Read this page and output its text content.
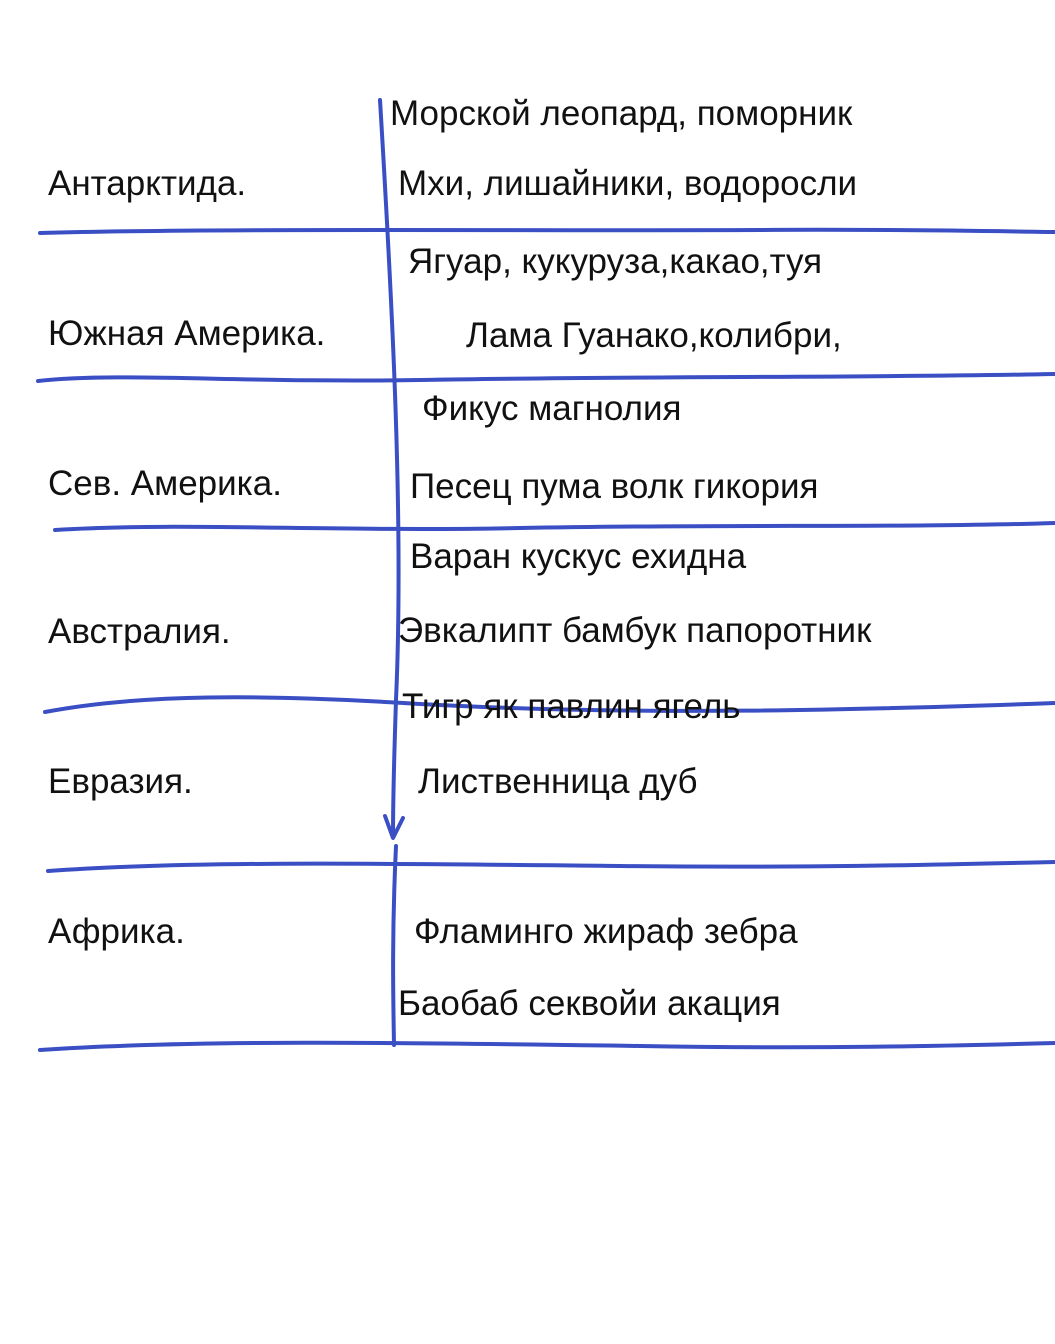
Антарктида.
Морской леопард, поморник
Мхи, лишайники, водоросли
Южная Америка.
Ягуар, кукуруза,какао,туя
Лама Гуанако,колибри,
Сев. Америка.
Фикус магнолия
Песец пума волк гикория
Австралия.
Варан кускус ехидна
Эвкалипт бамбук папоротник
Евразия.
Тигр як павлин ягель
Лиственница дуб
Африка.	Фламинго жираф зебра
Баобаб секвойи акация
